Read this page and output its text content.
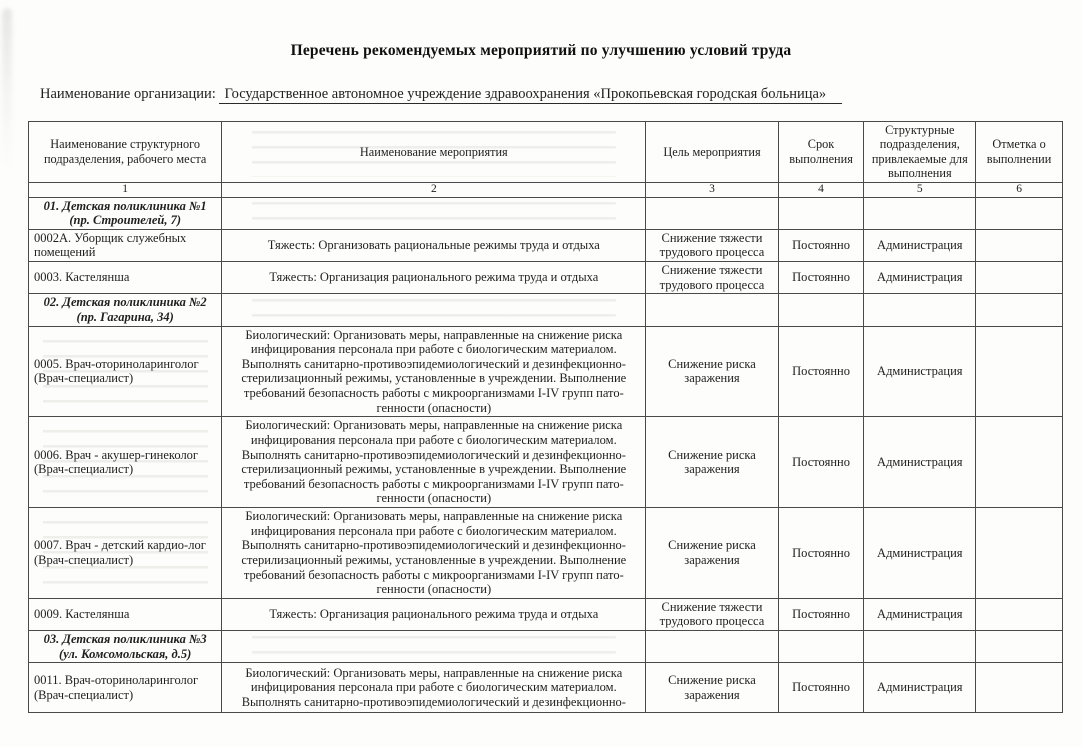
Перечень рекомендуемых мероприятий по улучшению условий труда
Наименование организации: Государственное автономное учреждение здравоохранения «Прокопьевская городская больница»
Наименование структурного подразделения, рабочего места	Наименование мероприятия	Цель мероприятия	Срок выполнения	Структурные подразделения, привлекаемые для выполнения	Отметка о выполнении
1	2	3	4	5	6

01. Детская поликлиника №1
(пр. Строителей, 7)					

0002А. Уборщик служебных помещений	Тяжесть: Организовать рациональные режимы труда и отдыха	Снижение тяжести трудового процесса	Постоянно	Администрация	
0003. Кастелянша	Тяжесть: Организация рационального режима труда и отдыха	Снижение тяжести трудового процесса	Постоянно	Администрация	

02. Детская поликлиника №2
(пр. Гагарина, 34)					

0005. Врач-оториноларинголог (Врач-специалист)	Биологический: Организовать меры, направленные на снижение риска инфицирования персонала при работе с биологическим материалом. Выполнять санитарно-противоэпидемиологический и дезинфекционно-стерилизационный режимы, установленные в учреждении. Выполнение требований безопасность работы с микроорганизмами I-IV групп пато-генности (опасности)	Снижение риска заражения	Постоянно	Администрация	
0006. Врач - акушер-гинеколог (Врач-специалист)	Биологический: Организовать меры, направленные на снижение риска инфицирования персонала при работе с биологическим материалом. Выполнять санитарно-противоэпидемиологический и дезинфекционно-стерилизационный режимы, установленные в учреждении. Выполнение требований безопасность работы с микроорганизмами I-IV групп пато-генности (опасности)	Снижение риска заражения	Постоянно	Администрация	
0007. Врач - детский кардио-лог (Врач-специалист)	Биологический: Организовать меры, направленные на снижение риска инфицирования персонала при работе с биологическим материалом. Выполнять санитарно-противоэпидемиологический и дезинфекционно-стерилизационный режимы, установленные в учреждении. Выполнение требований безопасность работы с микроорганизмами I-IV групп пато-генности (опасности)	Снижение риска заражения	Постоянно	Администрация	
0009. Кастелянша	Тяжесть: Организация рационального режима труда и отдыха	Снижение тяжести трудового процесса	Постоянно	Администрация	

03. Детская поликлиника №3
(ул. Комсомольская, д.5)					

0011. Врач-оториноларинголог (Врач-специалист)	Биологический: Организовать меры, направленные на снижение риска инфицирования персонала при работе с биологическим материалом. Выполнять санитарно-противоэпидемиологический и дезинфекционно-	Снижение риска заражения	Постоянно	Администрация	
